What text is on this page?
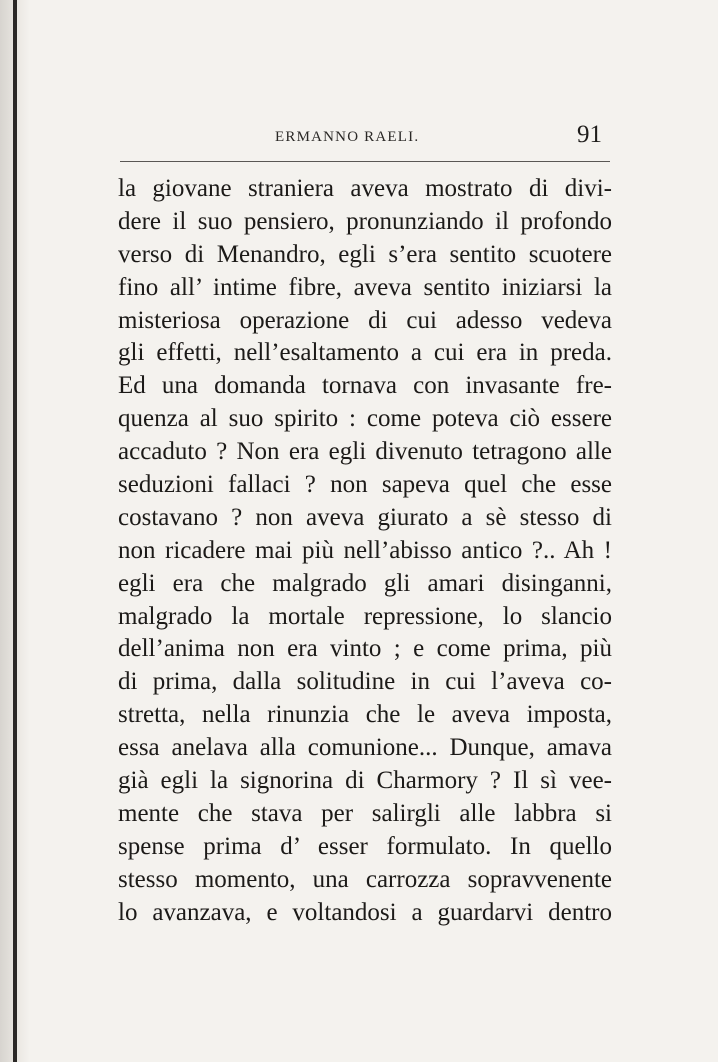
ERMANNO RAELI.	91
la giovane straniera aveva mostrato di divi-
dere il suo pensiero, pronunziando il profondo
verso di Menandro, egli s’era sentito scuotere
fino all’ intime fibre, aveva sentito iniziarsi la
misteriosa operazione di cui adesso vedeva
gli effetti, nell’esaltamento a cui era in preda.
Ed una domanda tornava con invasante fre-
quenza al suo spirito : come poteva ciò essere
accaduto ? Non era egli divenuto tetragono alle
seduzioni fallaci ? non sapeva quel che esse
costavano ? non aveva giurato a sè stesso di
non ricadere mai più nell’abisso antico ?.. Ah !
egli era che malgrado gli amari disinganni,
malgrado la mortale repressione, lo slancio
dell’anima non era vinto ; e come prima, più
di prima, dalla solitudine in cui l’aveva co-
stretta, nella rinunzia che le aveva imposta,
essa anelava alla comunione... Dunque, amava
già egli la signorina di Charmory ? Il sì vee-
mente che stava per salirgli alle labbra si
spense prima d’ esser formulato. In quello
stesso momento, una carrozza sopravvenente
lo avanzava, e voltandosi a guardarvi dentro
